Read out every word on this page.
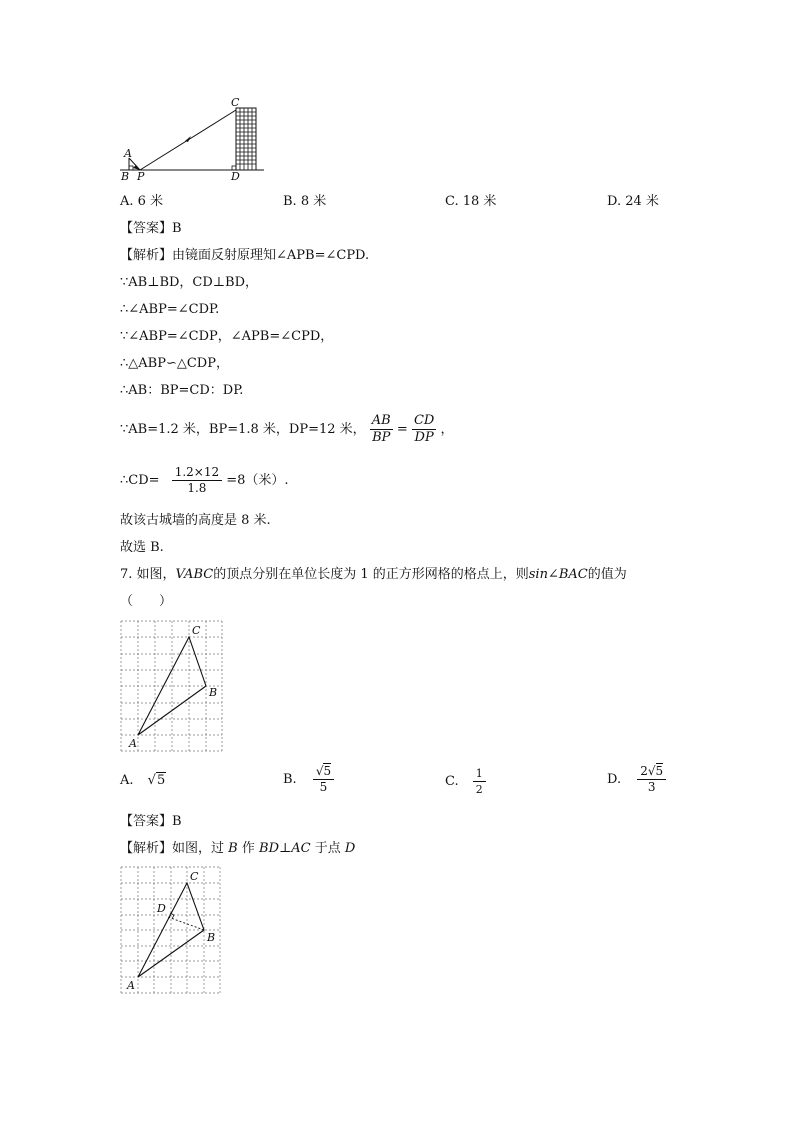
A
B P
C
D
A. 6 米	B. 8 米	C. 18 米	D. 24 米
【答案】B
【解析】由镜面反射原理知∠APB=∠CPD.
∵AB⊥BD，CD⊥BD，
∴∠ABP=∠CDP.
∵∠ABP=∠CDP，∠APB=∠CPD，
∴△ABP∽△CDP，
∴AB：BP=CD：DP.
∵AB=1.2 米，BP=1.8 米，DP=12 米， $\frac{AB}{BP} = \frac{CD}{DP}$ ，
∴CD= $\frac{1.2\times 12}{1.8} =8$（米）.
故该古城墙的高度是 8 米.
故选 B.
7. 如图，VABC的顶点分别在单位长度为 1 的正方形网格的格点上，则sin∠BAC的值为
（　　）
A
B
C
A. √5	B. $\frac{√5}{5}$	C. $\frac{1}{2}$	D. $\frac{2√5}{3}$
【答案】B
【解析】如图，过 B 作 BD⊥AC 于点 D
A
B
C
D
